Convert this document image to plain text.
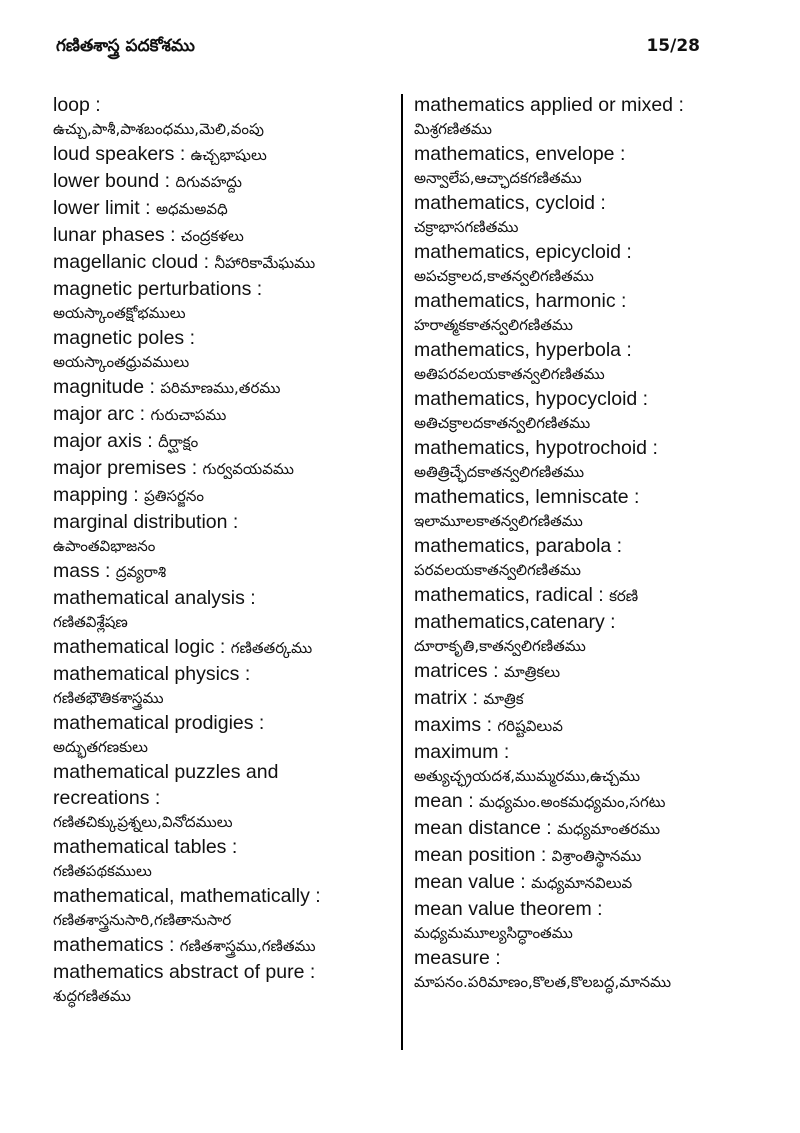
గణితశాస్త్ర పదకోశము	15/28
loop :
ఉచ్చు,పాశీ,పాశబంధము,మెలి,వంపు
loud speakers : ఉచ్చభాషులు
lower bound : దిగువహద్దు
lower limit : అధమఅవధి
lunar phases : చంద్రకళలు
magellanic cloud : నీహారికామేఘము
magnetic perturbations :
అయస్కాంతక్షోభములు
magnetic poles :
అయస్కాంతధ్రువములు
magnitude : పరిమాణము,తరము
major arc : గురుచాపము
major axis : దీర్ఘాక్షం
major premises : గుర్వవయవము
mapping : ప్రతిసర్జనం
marginal distribution :
ఉపాంతవిభాజనం
mass : ద్రవ్యరాశి
mathematical analysis :
గణితవిశ్లేషణ
mathematical logic : గణితతర్కము
mathematical physics :
గణితభౌతికశాస్త్రము
mathematical prodigies :
అద్భుతగణకులు
mathematical puzzles and
recreations :
గణితచిక్కుప్రశ్నలు,వినోదములు
mathematical tables :
గణితపథకములు
mathematical, mathematically :
గణితశాస్త్రనుసారి,గణితానుసార
mathematics : గణితశాస్త్రము,గణితము
mathematics abstract of pure :
శుద్ధగణితము
mathematics applied or mixed :
మిశ్రగణితము
mathematics, envelope :
అన్వాలేప,ఆచ్ఛాదకగణితము
mathematics, cycloid :
చక్రాభాసగణితము
mathematics, epicycloid :
అపచక్రాలద,కాతన్వలిగణితము
mathematics, harmonic :
హరాత్మకకాతన్వలిగణితము
mathematics, hyperbola :
అతిపరవలయకాతన్వలిగణితము
mathematics, hypocycloid :
అతిచక్రాలదకాతన్వలిగణితము
mathematics, hypotrochoid :
అతిత్రిచ్ఛేదకాతన్వలిగణితము
mathematics, lemniscate :
ఇలామూలకాతన్వలిగణితము
mathematics, parabola :
పరవలయకాతన్వలిగణితము
mathematics, radical : కరణి
mathematics,catenary :
దూరాకృతి,కాతన్వలిగణితము
matrices : మాత్రికలు
matrix : మాత్రిక
maxims : గరిష్టవిలువ
maximum :
అత్యుచ్ఛ్రయదశ,ముమ్మరము,ఉచ్చము
mean : మధ్యమం.అంకమధ్యమం,సగటు
mean distance : మధ్యమాంతరము
mean position : విశ్రాంతిస్థానము
mean value : మధ్యమానవిలువ
mean value theorem :
మధ్యమమూల్యసిద్ధాంతము
measure :
మాపనం.పరిమాణం,కొలత,కొలబద్ధ,మానము
